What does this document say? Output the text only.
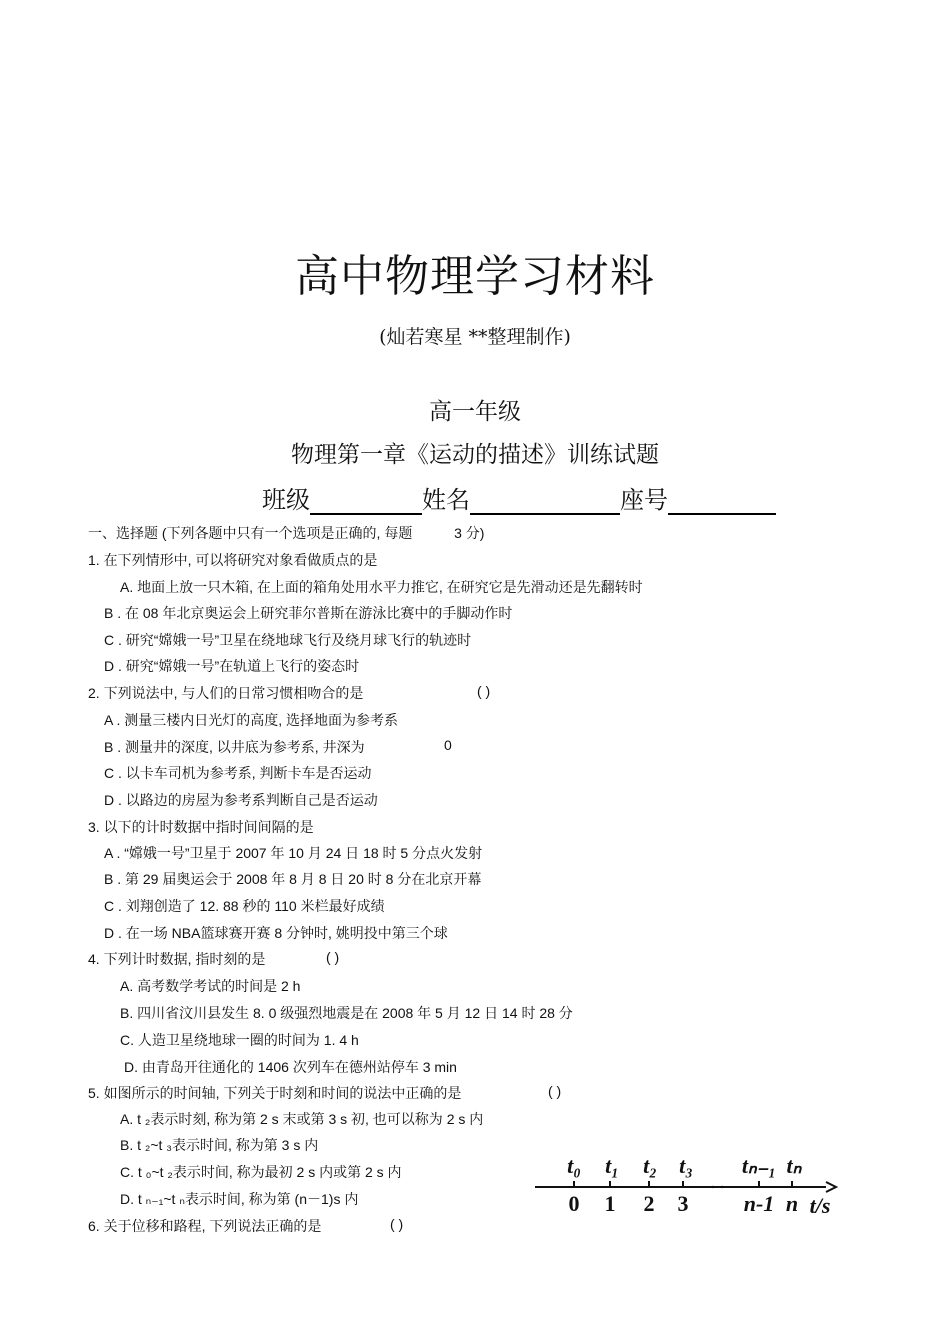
高中物理学习材料
(灿若寒星 **整理制作)
高一年级
物理第一章《运动的描述》训练试题
班级	姓名	座号
一、选择题 (下列各题中只有一个选项是正确的, 每题	3 分)
1. 在下列情形中, 可以将研究对象看做质点的是
A. 地面上放一只木箱, 在上面的箱角处用水平力推它, 在研究它是先滑动还是先翻转时
B . 在 08 年北京奥运会上研究菲尔普斯在游泳比赛中的手脚动作时
C . 研究“嫦娥一号”卫星在绕地球飞行及绕月球飞行的轨迹时
D . 研究“嫦娥一号”在轨道上飞行的姿态时
2. 下列说法中, 与人们的日常习惯相吻合的是	( )
A . 测量三楼内日光灯的高度, 选择地面为参考系
B . 测量井的深度, 以井底为参考系, 井深为	0
C . 以卡车司机为参考系, 判断卡车是否运动
D . 以路边的房屋为参考系判断自己是否运动
3. 以下的计时数据中指时间间隔的是
A . “嫦娥一号”卫星于 2007 年 10 月 24 日 18 时 5 分点火发射
B . 第 29 届奥运会于 2008 年 8 月 8 日 20 时 8 分在北京开幕
C . 刘翔创造了 12. 88 秒的 110 米栏最好成绩
D . 在一场 NBA篮球赛开赛 8 分钟时, 姚明投中第三个球
4. 下列计时数据, 指时刻的是	( )
A. 高考数学考试的时间是 2 h
B. 四川省汶川县发生 8. 0 级强烈地震是在 2008 年 5 月 12 日 14 时 28 分
C. 人造卫星绕地球一圈的时间为 1. 4 h
D. 由青岛开往通化的 1406 次列车在德州站停车 3 min
5. 如图所示的时间轴, 下列关于时刻和时间的说法中正确的是	( )
A. t ₂表示时刻, 称为第 2 s 末或第 3 s 初, 也可以称为 2 s 内
B. t ₂~t ₃表示时间, 称为第 3 s 内
C. t ₀~t ₂表示时间, 称为最初 2 s 内或第 2 s 内
D. t ₙ₋₁~t ₙ表示时间, 称为第 (n－1)s 内
6. 关于位移和路程, 下列说法正确的是	( )
t₀ t₁ t₂ t₃ tₙ₋₁ tₙ
0 1 2 3	n-1 n t/s
